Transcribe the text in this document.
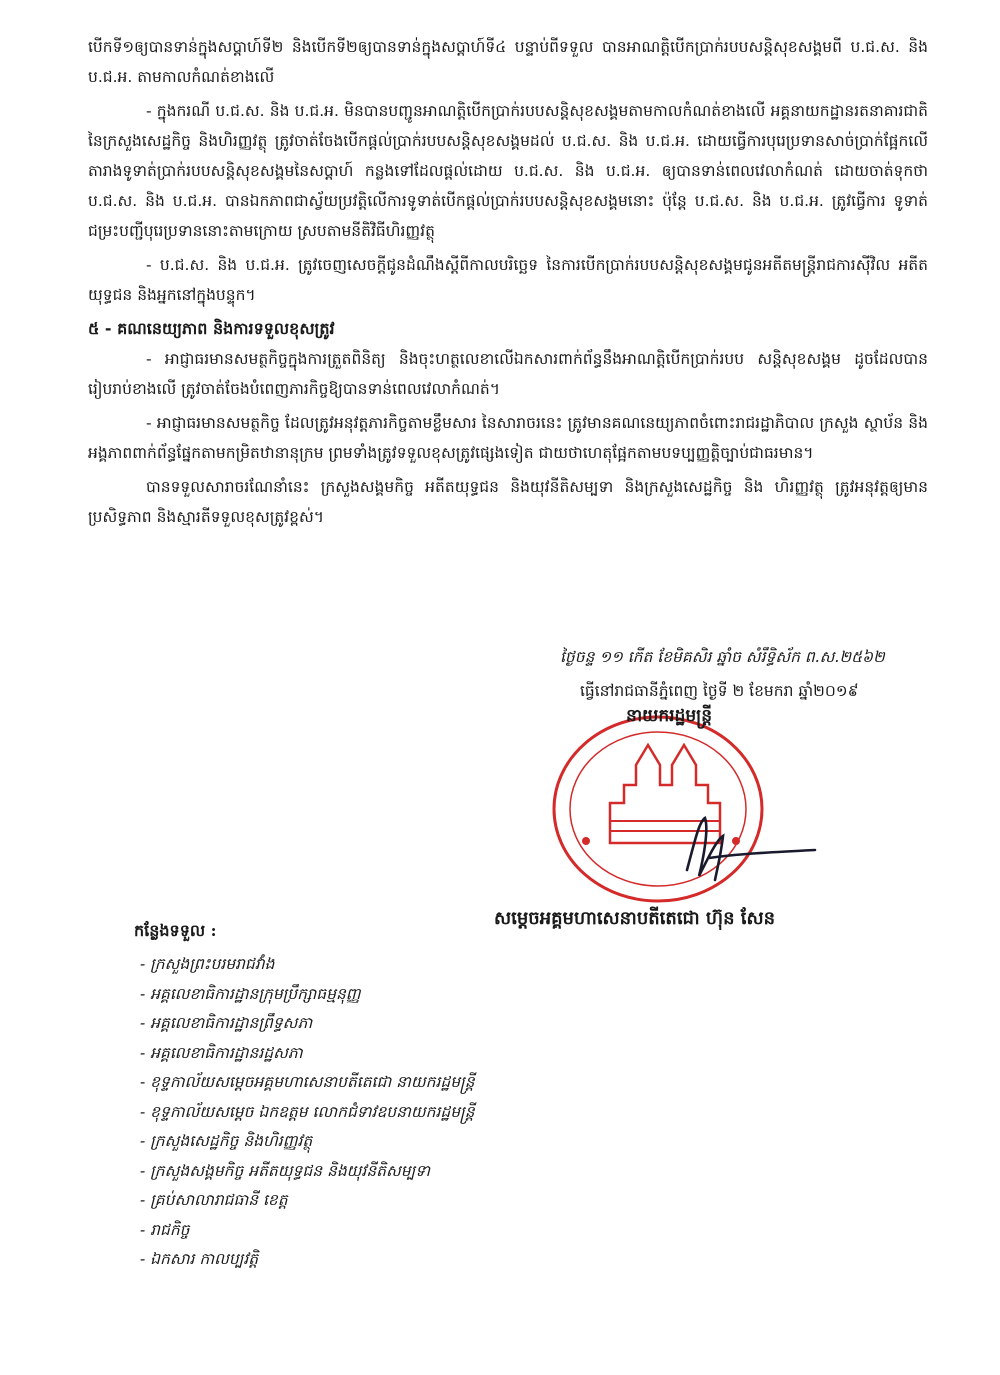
បើកទី១ឲ្យបានទាន់ក្នុងសប្តាហ៍ទី២ និងបើកទី២ឲ្យបានទាន់ក្នុងសប្តាហ៍ទី៤ បន្ទាប់ពីទទួល បានអាណត្តិបើកប្រាក់របបសន្តិសុខសង្គមពី ប.ជ.ស. និង ប.ជ.អ. តាមកាលកំណត់ខាងលើ

- ក្នុងករណី ប.ជ.ស. និង ប.ជ.អ. មិនបានបញ្ជូនអាណត្តិបើកប្រាក់របបសន្តិសុខសង្គមតាមកាលកំណត់ខាងលើ អគ្គនាយកដ្ឋានរតនាគារជាតិ នៃក្រសួងសេដ្ឋកិច្ច និងហិរញ្ញវត្ថុ ត្រូវចាត់ចែងបើកផ្តល់ប្រាក់របបសន្តិសុខសង្គមដល់ ប.ជ.ស. និង ប.ជ.អ. ដោយធ្វើការបុរេប្រទានសាច់ប្រាក់ផ្អែកលើតារាងទូទាត់ប្រាក់របបសន្តិសុខសង្គមនៃសប្តាហ៍ កន្លងទៅដែលផ្តល់ដោយ ប.ជ.ស. និង ប.ជ.អ. ឲ្យបានទាន់ពេលវេលាកំណត់ ដោយចាត់ទុកថា ប.ជ.ស. និង ប.ជ.អ. បានឯកភាពជាស្វ័យប្រវត្តិលើការទូទាត់បើកផ្តល់ប្រាក់របបសន្តិសុខសង្គមនោះ ប៉ុន្តែ ប.ជ.ស. និង ប.ជ.អ. ត្រូវធ្វើការ ទូទាត់ជម្រះបញ្ជីបុរេប្រទាននោះតាមក្រោយ ស្របតាមនីតិវិធីហិរញ្ញវត្ថុ

- ប.ជ.ស. និង ប.ជ.អ. ត្រូវចេញសេចក្តីជូនដំណឹងស្តីពីកាលបរិច្ឆេទ នៃការបើកប្រាក់របបសន្តិសុខសង្គមជូនអតីតមន្ត្រីរាជការស៊ីវិល អតីតយុទ្ធជន និងអ្នកនៅក្នុងបន្ទុក។

៥ - គណនេយ្យភាព និងការទទួលខុសត្រូវ

- អាជ្ញាធរមានសមត្ថកិច្ចក្នុងការត្រួតពិនិត្យ និងចុះហត្ថលេខាលើឯកសារពាក់ព័ន្ធនឹងអាណត្តិបើកប្រាក់របប សន្តិសុខសង្គម ដូចដែលបានរៀបរាប់ខាងលើ ត្រូវចាត់ចែងបំពេញភារកិច្ចឱ្យបានទាន់ពេលវេលាកំណត់។

- អាជ្ញាធរមានសមត្ថកិច្ច ដែលត្រូវអនុវត្តភារកិច្ចតាមខ្លឹមសារ នៃសារាចរនេះ ត្រូវមានគណនេយ្យភាពចំពោះរាជរដ្ឋាភិបាល ក្រសួង ស្ថាប័ន និងអង្គភាពពាក់ព័ន្ធផ្នែកតាមកម្រិតឋានានុក្រម ព្រមទាំងត្រូវទទួលខុសត្រូវផ្សេងទៀត ជាយថាហេតុផ្អែកតាមបទប្បញ្ញត្តិច្បាប់ជាធរមាន។

បានទទួលសារាចរណែនាំនេះ ក្រសួងសង្គមកិច្ច អតីតយុទ្ធជន និងយុវនីតិសម្បទា និងក្រសួងសេដ្ឋកិច្ច និង ហិរញ្ញវត្ថុ ត្រូវអនុវត្តឲ្យមានប្រសិទ្ធភាព និងស្មារតីទទួលខុសត្រូវខ្ពស់។

ថ្ងៃចន្ទ ១១ កើត ខែមិគសិរ ឆ្នាំច សំរឹទ្ធិស័ក ព.ស.២៥៦២
ធ្វើនៅរាជធានីភ្នំពេញ ថ្ងៃទី ២ ខែមករា ឆ្នាំ២០១៩
នាយករដ្ឋមន្ត្រី
សម្តេចអគ្គមហាសេនាបតីតេជោ ហ៊ុន សែន
កន្លែងទទួល :
- ក្រសួងព្រះបរមរាជវាំង
- អគ្គលេខាធិការដ្ឋានក្រុមប្រឹក្សាធម្មនុញ្ញ
- អគ្គលេខាធិការដ្ឋានព្រឹទ្ធសភា
- អគ្គលេខាធិការដ្ឋានរដ្ឋសភា
- ខុទ្ទកាល័យសម្តេចអគ្គមហាសេនាបតីតេជោ នាយករដ្ឋមន្ត្រី
- ខុទ្ទកាល័យសម្តេច ឯកឧត្តម លោកជំទាវឧបនាយករដ្ឋមន្ត្រី
- ក្រសួងសេដ្ឋកិច្ច និងហិរញ្ញវត្ថុ
- ក្រសួងសង្គមកិច្ច អតីតយុទ្ធជន និងយុវនីតិសម្បទា
- គ្រប់សាលារាជធានី ខេត្ត
- រាជកិច្ច
- ឯកសារ កាលប្បវត្តិ
